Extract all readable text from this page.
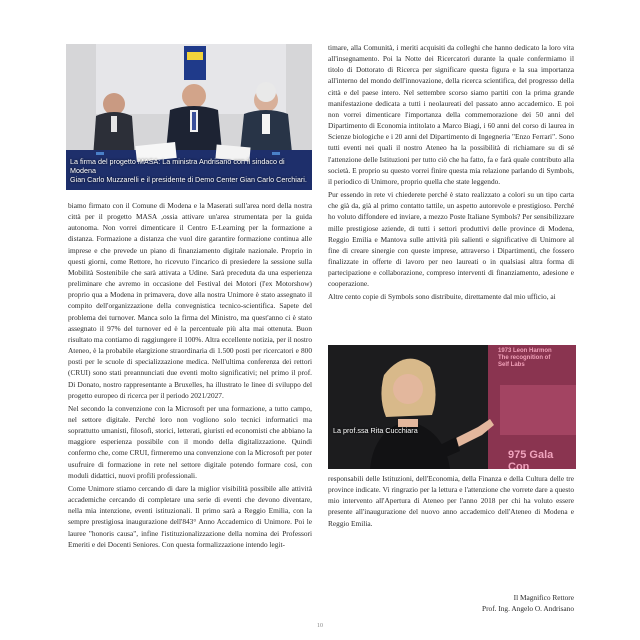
La firma del progetto MASA: La ministra Andrisano con il sindaco di Modena
Gian Carlo Muzzarelli e il presidente di Demo Center Gian Carlo Cerchiari.

biamo firmato con il Comune di Modena e la Maserati sull'area nord della nostra città per il progetto MASA ,ossia attivare un'area strumentata per la guida autonoma. Non vorrei dimenticare il Centro E-Learning per la formazione a distanza. Formazione a distanza che vuol dire garantire formazione continua alle imprese e che prevede un piano di finanziamento digitale nazionale. Proprio in questi giorni, come Rettore, ho ricevuto l'incarico di presiedere la sessione sulla Mobilità Sostenibile che sarà attivata a Udine. Sarà preceduta da una esperienza preliminare che avremo in occasione del Festival dei Motori (l'ex Motorshow) proprio qua a Modena in primavera, dove alla nostra Unimore è stato assegnato il compito dell'organizzazione della convegnistica tecnico-scientifica. Sapete del problema dei turnover. Manca solo la firma del Ministro, ma quest'anno ci è stato assegnato il 97% del turnover ed è la percentuale più alta mai ottenuta. Buon risultato ma contiamo di raggiungere il 100%. Altra eccellente notizia, per il nostro Ateneo, è la probabile elargizione straordinaria di 1.500 posti per ricercatori e 800 posti per le scuole di specializzazione medica. Nell'ultima conferenza dei rettori (CRUI) sono stati preannunciati due eventi molto significativi; nel primo il prof. Di Donato, nostro rappresentante a Bruxelles, ha illustrato le linee di sviluppo del progetto europeo di ricerca per il periodo 2021/2027.

Nel secondo la convenzione con la Microsoft per una formazione, a tutto campo, nel settore digitale. Perché loro non vogliono solo tecnici informatici ma soprattutto umanisti, filosofi, storici, letterati, giuristi ed economisti che abbiano la maggiore esperienza possibile con il mondo della digitalizzazione. Quindi confermo che, come CRUI, firmeremo una convenzione con la Microsoft per poter usufruire di formazione in rete nel settore digitale potendo formare così, con moduli didattici, nuovi profili professionali.

Come Unimore stiamo cercando di dare la miglior visibilità possibile alle attività accademiche cercando di completare una serie di eventi che devono diventare, nella mia intenzione, eventi istituzionali. Il primo sarà a Reggio Emilia, con la sempre prestigiosa inaugurazione dell'843° Anno Accademico di Unimore. Poi le lauree "honoris causa", infine l'istituzionalizzazione della nomina dei Professori Emeriti e dei Docenti Seniores. Con questa formalizzazione intendo legit-

timare, alla Comunità, i meriti acquisiti da colleghi che hanno dedicato la loro vita all'insegnamento. Poi la Notte dei Ricercatori durante la quale confermiamo il titolo di Dottorato di Ricerca per significare questa figura e la sua importanza all'interno del mondo dell'innovazione, della ricerca scientifica, del progresso della città e del paese intero. Nel settembre scorso siamo partiti con la prima grande manifestazione dedicata a tutti i neolaureati del passato anno accademico. E poi non vorrei dimenticare l'importanza della commemorazione dei 50 anni del Dipartimento di Economia intitolato a Marco Biagi, i 60 anni del corso di laurea in Scienze biologiche e i 20 anni del Dipartimento di Ingegneria "Enzo Ferrari". Sono tutti eventi nei quali il nostro Ateneo ha la possibilità di richiamare su di sé l'attenzione delle Istituzioni per tutto ciò che ha fatto, fa e farà quale contributo alla società. E proprio su questo vorrei finire questa mia relazione parlando di Symbols, il periodico di Unimore, proprio quella che state leggendo.

Pur essendo in rete vi chiederete perché è stato realizzato a colori su un tipo carta che già da, già al primo contatto tattile, un aspetto autorevole e prestigioso. Perché ho voluto diffondere ed inviare, a mezzo Poste Italiane Symbols? Per sensibilizzare mille prestigiose aziende, di tutti i settori produttivi delle province di Modena, Reggio Emilia e Mantova sulle attività più salienti e significative di Unimore al fine di creare sinergie con queste imprese, attraverso i Dipartimenti, che fossero finalizzate in offerte di lavoro per neo laureati o in qualsiasi altra forma di partecipazione e collaborazione, compreso interventi di finanziamento, adesione e cooperazione.

Altre cento copie di Symbols sono distribuite, direttamente dal mio ufficio, ai

1973 Leon Harmon
The recognition of
Self Labs
975 Gala Con
La prof.ssa Rita Cucchiara

responsabili delle Istituzioni, dell'Economia, della Finanza e della Cultura delle tre province indicate. Vi ringrazio per la lettura e l'attenzione che vorrete dare a questo mio intervento all'Apertura di Ateneo per l'anno 2018 per chi ha voluto essere presente all'inaugurazione del nuovo anno accademico dell'Ateneo di Modena e Reggio Emilia.

Il Magnifico Rettore
Prof. Ing. Angelo O. Andrisano
10
